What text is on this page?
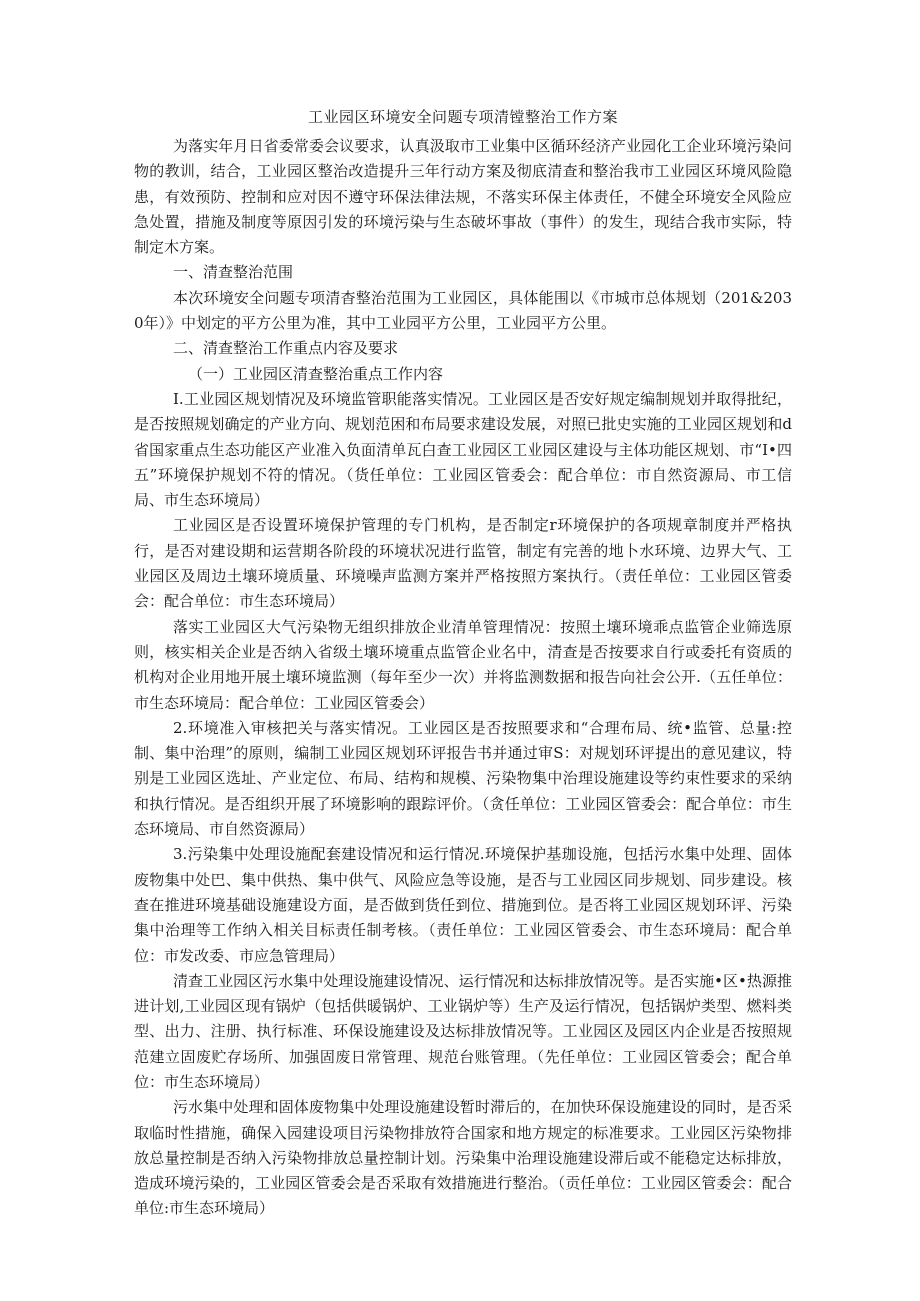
工业园区环境安全问题专项清镗整治工作方案

为落实年月日省委常委会议要求，认真汲取市工业集中区循环经济产业园化工企业环境污染问物的教训，结合，工业园区整治改造提升三年行动方案及彻底清查和整治我市工业园区环境风险隐患，有效预防、控制和应对因不遵守环保法律法规，不落实环保主体责任，不健全环境安全风险应急处置，措施及制度等原因引发的环境污染与生态破坏事故（事件）的发生，现结合我市实际，特制定木方案。

一、清查整治范围

本次环境安全问题专项清杳整治范围为工业园区，具体能围以《市城市总体规划（201&2030年）》中划定的平方公里为准，其中工业园平方公里，工业园平方公里。

二、清查整治工作重点内容及要求

（一）工业园区清查整治重点工作内容

I.工业园区规划情况及环境监管职能落实情况。工业园区是否安好规定编制规划并取得批纪，是否按照规划确定的产业方向、规划范困和布局要求建设发展，对照已批史实施的工业园区规划和d省国家重点生态功能区产业准入负面清单瓦白查工业园区工业园区建设与主体功能区规划、市“I•四五”环境保护规划不符的情况。（货任单位：工业园区管委会：配合单位：市自然资源局、市工信局、市生态环境局）

工业园区是否设置环境保护管理的专门机构，是否制定r环境保护的各项规章制度并严格执行，是否对建设期和运营期各阶段的环境状况进行监管，制定有完善的地卜水环境、边界大气、工业园区及周边土壤环境质量、环境噪声监测方案并严格按照方案执行。（责任单位：工业园区管委会：配合单位：市生态环境局）

落实工业园区大气污染物无组织排放企业清单管理情况：按照土壤环境乖点监管企业筛选原则，核实相关企业是否纳入省级土壤环境重点监管企业名中，清查是否按要求自行或委托有资质的机构对企业用地开展土壤环境监测（每年至少一次）并将监测数据和报告向社会公开.（五任单位：市生态环境局：配合单位：工业园区管委会）

2.环境准入审核把关与落实情况。工业园区是否按照要求和“合理布局、统•监管、总量:控制、集中治理”的原则，编制工业园区规划环评报告书并通过审S：对规划环评提出的意见建议，特别是工业园区选址、产业定位、布局、结构和规模、污染物集中治理设施建设等约束性要求的采纳和执行情况。是否组织开展了环境影响的跟踪评价。（贪任单位：工业园区管委会：配合单位：市生态环境局、市自然资源局）

3.污染集中处理设施配套建设情况和运行情况.环境保护基珈设施，包括污水集中处理、固体废物集中处巴、集中供热、集中供气、风险应急等设施，是否与工业园区同步规划、同步建设。核查在推进环境基础设施建设方面，是否做到货任到位、措施到位。是否将工业园区规划环评、污染集中治理等工作纳入相关目标责任制考核。（责任单位：工业园区管委会、市生态环境局：配合单位：市发改委、市应急管理局）

清查工业园区污水集中处理设施建设情况、运行情况和达标排放情况等。是否实施•区•热源推进计划,工业园区现有锅炉（包括供暖锅炉、工业锅炉等）生产及运行情况，包括锅炉类型、燃料类型、出力、注册、执行标准、环保设施建设及达标排放情况等。工业园区及园区内企业是否按照规范建立固废贮存场所、加强固废日常管理、规范台账管理。（先任单位：工业园区管委会；配合单位：市生态环境局）

污水集中处理和固体废物集中处理设施建设暂时滞后的，在加快环保设施建设的同时，是否采取临时性措施，确保入园建设项目污染物排放符合国家和地方规定的标准要求。工业园区污染物排放总量控制是否纳入污染物排放总量控制计划。污染集中治理设施建设滞后或不能稳定达标排放，造成环境污染的，工业园区管委会是否采取有效措施进行整治。（贡任单位：工业园区管委会：配合单位:市生态环境局）
